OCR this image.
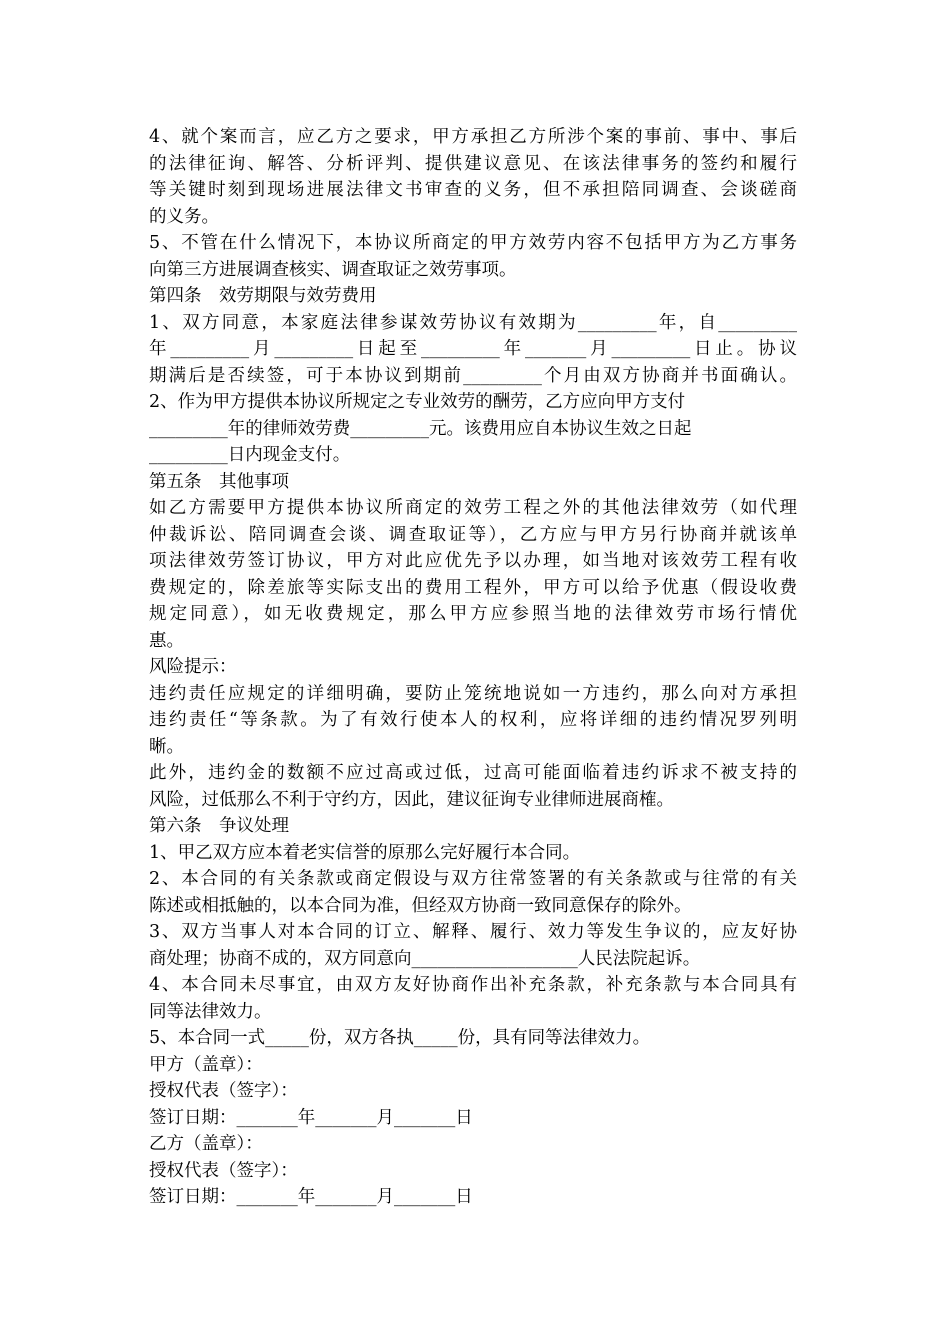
4、就个案而言，应乙方之要求，甲方承担乙方所涉个案的事前、事中、事后
的法律征询、解答、分析评判、提供建议意见、在该法律事务的签约和履行
等关键时刻到现场进展法律文书审查的义务，但不承担陪同调查、会谈磋商
的义务。
5、不管在什么情况下，本协议所商定的甲方效劳内容不包括甲方为乙方事务
向第三方进展调查核实、调查取证之效劳事项。
第四条　效劳期限与效劳费用
1、双方同意，本家庭法律参谋效劳协议有效期为_________年，自_________
年_________月_________日起至_________年_______月_________日止。协议
期满后是否续签，可于本协议到期前_________个月由双方协商并书面确认。
2、作为甲方提供本协议所规定之专业效劳的酬劳，乙方应向甲方支付
_________年的律师效劳费_________元。该费用应自本协议生效之日起
_________日内现金支付。
第五条　其他事项
如乙方需要甲方提供本协议所商定的效劳工程之外的其他法律效劳（如代理
仲裁诉讼、陪同调查会谈、调查取证等），乙方应与甲方另行协商并就该单
项法律效劳签订协议，甲方对此应优先予以办理，如当地对该效劳工程有收
费规定的，除差旅等实际支出的费用工程外，甲方可以给予优惠（假设收费
规定同意），如无收费规定，那么甲方应参照当地的法律效劳市场行情优
惠。
风险提示：
违约责任应规定的详细明确，要防止笼统地说如一方违约，那么向对方承担
违约责任“等条款。为了有效行使本人的权利，应将详细的违约情况罗列明
晰。
此外，违约金的数额不应过高或过低，过高可能面临着违约诉求不被支持的
风险，过低那么不利于守约方，因此，建议征询专业律师进展商榷。
第六条　争议处理
1、甲乙双方应本着老实信誉的原那么完好履行本合同。
2、本合同的有关条款或商定假设与双方往常签署的有关条款或与往常的有关
陈述或相抵触的，以本合同为准，但经双方协商一致同意保存的除外。
3、双方当事人对本合同的订立、解释、履行、效力等发生争议的，应友好协
商处理；协商不成的，双方同意向___________________人民法院起诉。
4、本合同未尽事宜，由双方友好协商作出补充条款，补充条款与本合同具有
同等法律效力。
5、本合同一式_____份，双方各执_____份，具有同等法律效力。
甲方（盖章）：
授权代表（签字）：
签订日期：_______年_______月_______日
乙方（盖章）：
授权代表（签字）：
签订日期：_______年_______月_______日
